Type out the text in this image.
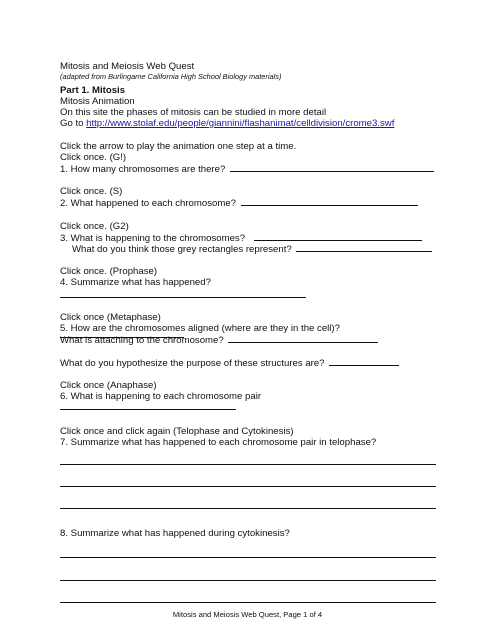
Mitosis and Meiosis Web Quest
(adapted from Burlingame California High School Biology materials)
Part 1. Mitosis
Mitosis Animation
On this site the phases of mitosis can be studied in more detail
Go to http://www.stolaf.edu/people/giannini/flashanimat/celldivision/crome3.swf
Click the arrow to play the animation one step at a time.
Click once. (G!)
1. How many chromosomes are there?
Click once. (S)
2. What happened to each chromosome?
Click once. (G2)
3. What is happening to the chromosomes?
What do you think those grey rectangles represent?
Click once. (Prophase)
4. Summarize what has happened?
Click once (Metaphase)
5. How are the chromosomes aligned (where are they in the cell)?
What is attaching to the chromosome?
What do you hypothesize the purpose of these structures are?
Click once (Anaphase)
6. What is happening to each chromosome pair
Click once and click again (Telophase and Cytokinesis)
7. Summarize what has happened to each chromosome pair in telophase?
8. Summarize what has happened during cytokinesis?
Mitosis and Meiosis Web Quest, Page 1 of 4
